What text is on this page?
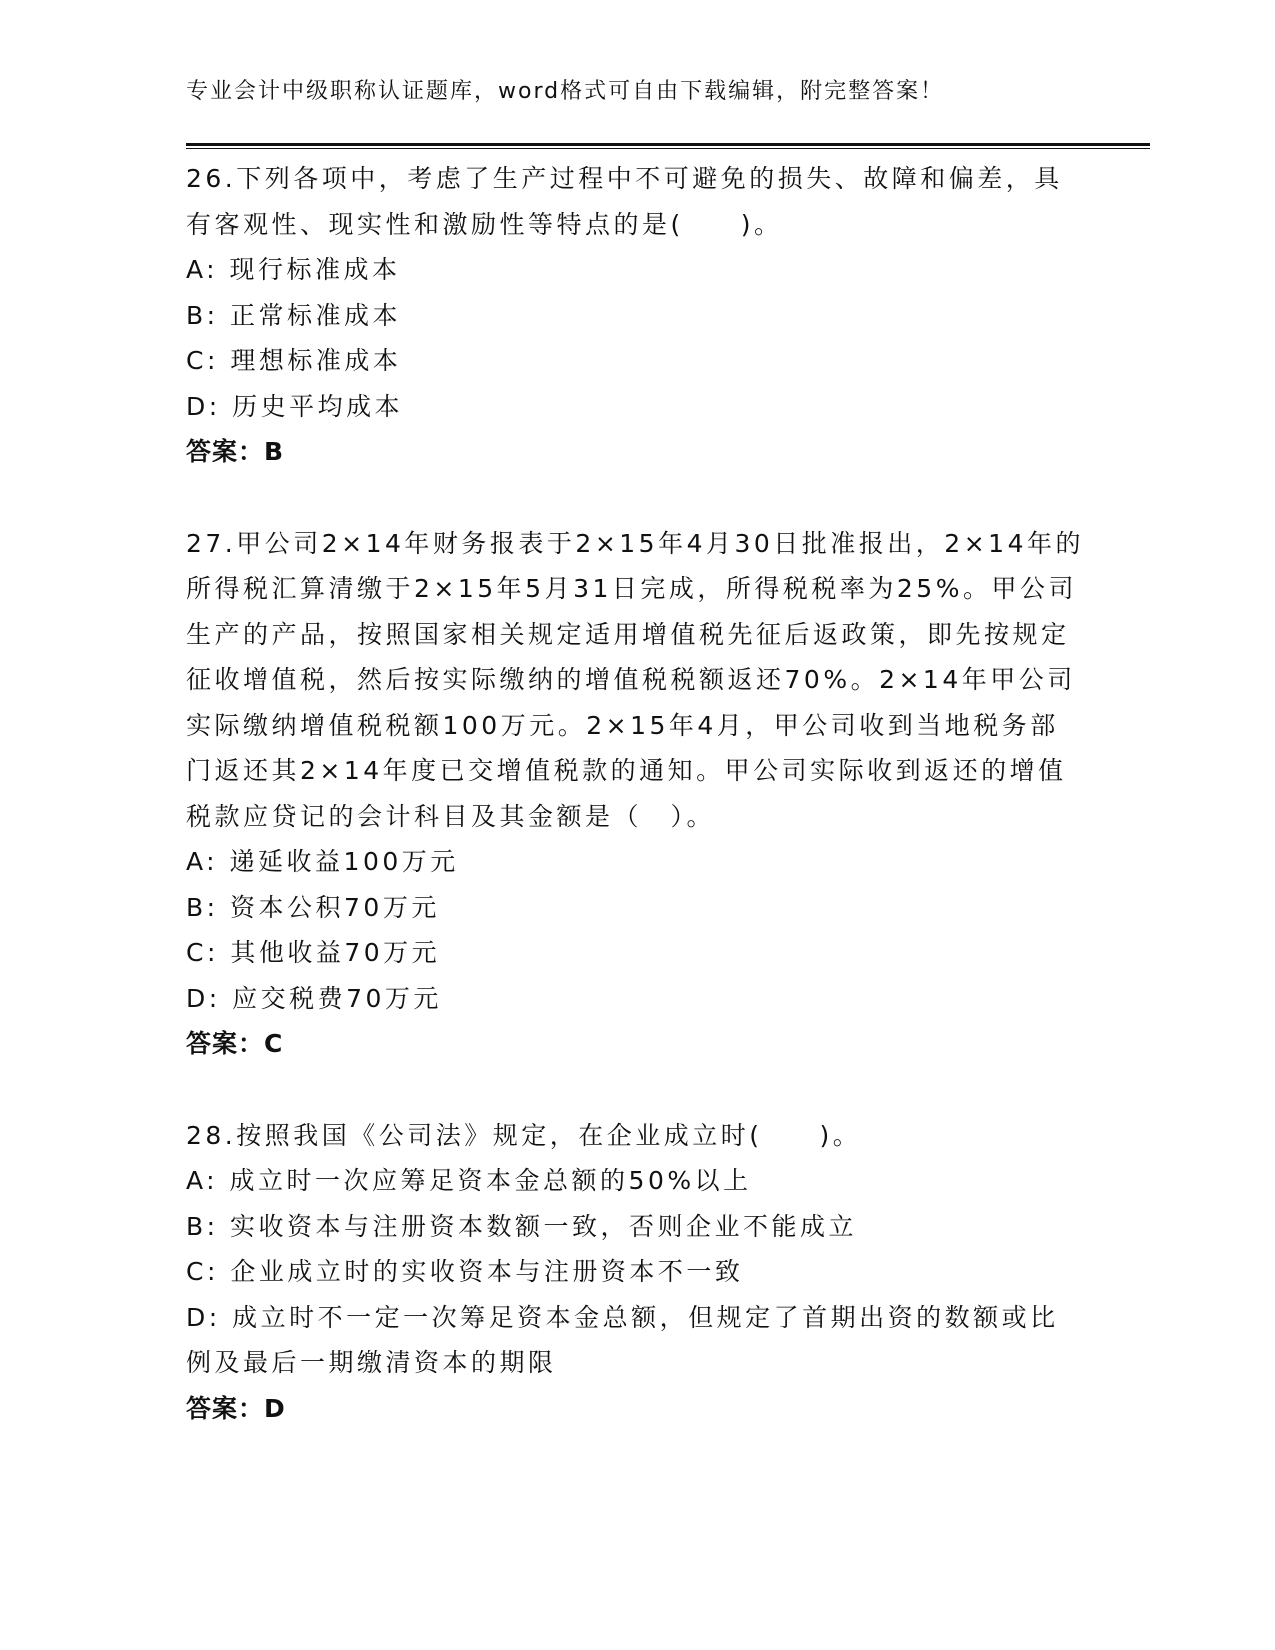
专业会计中级职称认证题库，word格式可自由下载编辑，附完整答案！

26.下列各项中，考虑了生产过程中不可避免的损失、故障和偏差，具有客观性、现实性和激励性等特点的是(　　)。

A: 现行标准成本

B: 正常标准成本

C: 理想标准成本

D: 历史平均成本

答案：B

27.甲公司2×14年财务报表于2×15年4月30日批准报出，2×14年的所得税汇算清缴于2×15年5月31日完成，所得税税率为25%。甲公司生产的产品，按照国家相关规定适用增值税先征后返政策，即先按规定征收增值税，然后按实际缴纳的增值税税额返还70%。2×14年甲公司实际缴纳增值税税额100万元。2×15年4月，甲公司收到当地税务部门返还其2×14年度已交增值税款的通知。甲公司实际收到返还的增值税款应贷记的会计科目及其金额是（　）。

A: 递延收益100万元

B: 资本公积70万元

C: 其他收益70万元

D: 应交税费70万元

答案：C

28.按照我国《公司法》规定，在企业成立时(　　)。

A: 成立时一次应筹足资本金总额的50%以上

B: 实收资本与注册资本数额一致，否则企业不能成立

C: 企业成立时的实收资本与注册资本不一致

D: 成立时不一定一次筹足资本金总额，但规定了首期出资的数额或比例及最后一期缴清资本的期限

答案：D
